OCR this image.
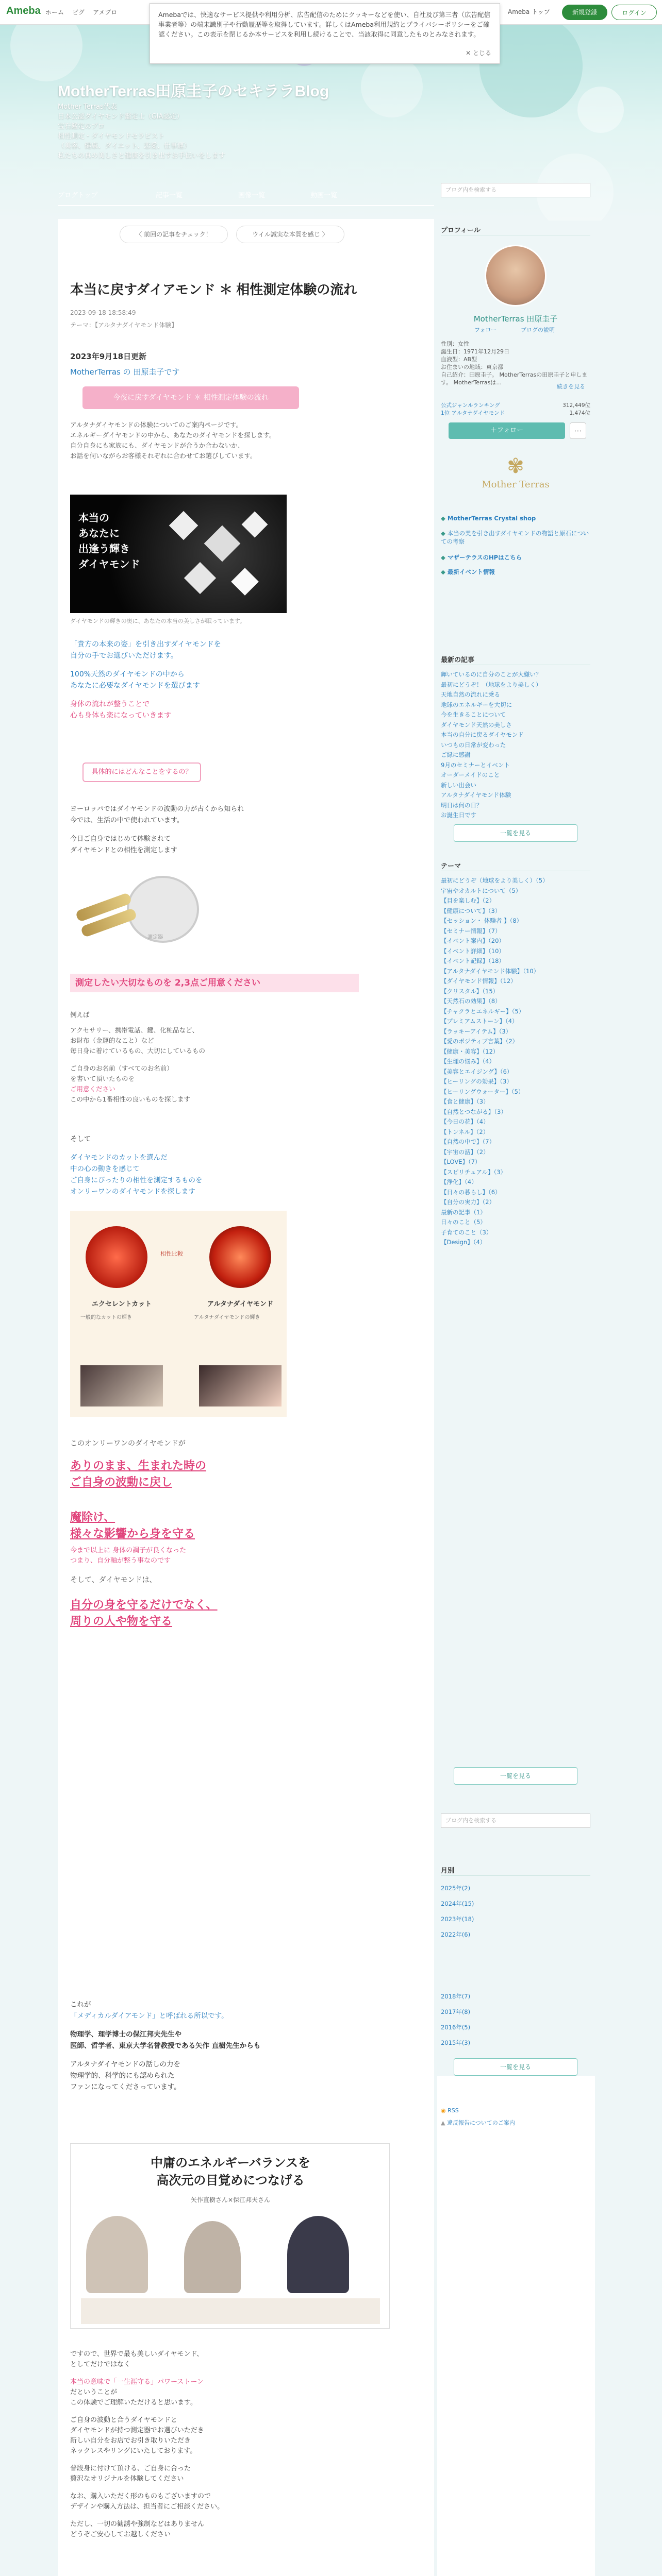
Ameba ホーム ピグ アメブロ	Ameba トップ	新規登録	ログイン
Amebaでは、快適なサービス提供や利用分析、広告配信のためにクッキーなどを使い、自社及び第三者（広告配信事業者等）の端末識別子や行動履歴等を取得しています。詳しくはAmeba利用規約とプライバシーポリシーをご確認ください。この表示を閉じるか本サービスを利用し続けることで、当該取得に同意したものとみなされます。
✕ とじる
MotherTerras田原圭子のセキララBlog
Mother Terras代表
日本公認ダイヤモンド鑑定士（GIA認定）
宝石鑑定のプロ
相性測定・ダイヤモンドセラピスト
（美容、健康、ダイエット、恋愛、仕事運）
私たちの真の美しさと健康を引き出すお手伝いをします
ブログトップ	記事一覧	画像一覧	動画一覧
〈 前回の記事をチェック！	ウイル誠実な本質を感じ 〉
本当に戻すダイアモンド ＊ 相性測定体験の流れ
2023-09-18 18:58:49
テーマ：【アルタナダイヤモンド体験】
2023年9月18日更新
MotherTerras の 田原圭子です
今夜に戻すダイヤモンド ＊ 相性測定体験の流れ
アルタナダイヤモンドの体験についてのご案内ページです。
エネルギーダイヤモンドの中から、あなたのダイヤモンドを探します。
自分自身にも家族にも、ダイヤモンドが合うか合わないか、
お話を伺いながらお客様それぞれに合わせてお選びしています。
本当の
あなたに
出逢う輝き
ダイヤモンド
ダイヤモンドの輝きの奥に、あなたの本当の美しさが眠っています。
「貴方の本来の姿」を引き出すダイヤモンドを
自分の手でお選びいただけます。
100%天然のダイヤモンドの中から
あなたに必要なダイヤモンドを選びます
身体の流れが整うことで
心も身体も楽になっていきます
具体的にはどんなことをするの？
ヨーロッパではダイヤモンドの波動の力が古くから知られ
今では、生活の中で使われています。
今日ご自身ではじめて体験されて
ダイヤモンドとの相性を測定します
測定器
測定したい大切なものを 2,3点ご用意ください
例えば
アクセサリー、携帯電話、鍵、化粧品など、
お財布（金運的なこと）など
毎日身に着けているもの、大切にしているもの
ご自身のお名前（すべてのお名前）
を書いて頂いたものを
ご用意ください
この中から1番相性の良いものを探します
そして
ダイヤモンドのカットを選んだ
中の心の動きを感じて
ご自身にぴったりの相性を測定するものを
オンリーワンのダイヤモンドを探します
相性比較
エクセレントカット	アルタナダイヤモンド
一般的なカットの輝き	アルタナダイヤモンドの輝き
このオンリーワンのダイヤモンドが
ありのまま、生まれた時の
ご自身の波動に戻し
魔除け、
様々な影響から身を守る
今まで以上に 身体の調子が良くなった
つまり、自分軸が整う事なのです
そして、ダイヤモンドは、
自分の身を守るだけでなく、
周りの人や物を守る
これが
「メディカルダイアモンド」と呼ばれる所以です。
物理学、理学博士の保江邦夫先生や
医師、哲学者、東京大学名誉教授である矢作 直樹先生からも
アルタナダイヤモンドの話しの力を
物理学的、科学的にも認められた
ファンになってくださっています。
中庸のエネルギーバランスを
高次元の目覚めにつなげる
矢作直樹さん×保江邦夫さん
ですので、世界で最も美しいダイヤモンド、
としてだけではなく
本当の意味で「一生涯守る」パワーストーン
だということが
この体験でご理解いただけると思います。
ご自身の波動と合うダイヤモンドと
ダイヤモンドが持つ測定器でお選びいただき
新しい自分をお店でお引き取りいただき
ネックレスやリングにいたしております。
普段身に付けて頂ける、ご自身に合った
贅沢なオリジナルを体験してください
なお、購入いただく形のものもございますので
デザインや購入方法は、担当者にご相談ください。
ただし、一切の勧誘や強制などはありません
どうぞご安心してお越しください
ブログ内を検索する
プロフィール
MotherTerras 田原圭子
フォロー	ブログの説明
性別：女性
誕生日：1971年12月29日
血液型：AB型
お住まいの地域：東京都
自己紹介：田原圭子。 MotherTerrasの田原圭子と申します。 MotherTerrasは...
続きを見る
公式ジャンルランキング
1位 アルタナダイヤモンド
312,449位
1,474位
＋フォロー	⋯
✾
Mother Terras
◆ MotherTerras Crystal shop
◆ 本当の美を引き出すダイヤモンドの物語と原石についての考察
◆ マザーテラスのHPはこちら
◆ 最新イベント情報
最新の記事
輝いているのに自分のことが大嫌い？
最初にどうぞ！（地球をより美しく）
天地自然の流れに乗る
地球のエネルギーを大切に
今を生きることについて
ダイヤモンド天然の美しさ
本当の自分に戻るダイヤモンド
いつもの日常が変わった
ご縁に感謝
9月のセミナーとイベント
オーダーメイドのこと
新しい出会い
アルタナダイヤモンド体験
明日は何の日？
お誕生日です
一覧を見る
テーマ
最初にどうぞ（地球をより美しく）（5）
宇宙やオカルトについて（5）
【目を楽しむ】（2）
【健康について】（3）
【セッション・ 体験者 】（8）
【セミナー情報】（7）
【イベント案内】（20）
【イベント詳細】（10）
【イベント記録】（18）
【アルタナダイヤモンド体験】（10）
【ダイヤモンド情報】（12）
【クリスタル】（15）
【天然石の効果】（8）
【チャクラとエネルギー】（5）
【プレミアムストーン】（4）
【ラッキーアイテム】（3）
【愛のポジティブ言葉】（2）
【健康・美容】（12）
【生理の悩み】（4）
【美容とエイジング】（6）
【ヒーリングの効果】（3）
【ヒーリングウォーター】（5）
【食と健康】（3）
【自然とつながる】（3）
【今日の花】（4）
【トンネル】（2）
【自然の中で】（7）
【宇宙の話】（2）
【LOVE】（7）
【スピリチュアル】（3）
【浄化】（4）
【日々の暮らし】（6）
【自分の実力】（2）
最新の記事（1）
日々のこと（5）
子育てのこと（3）
【Design】（4）
一覧を見る
ブログ内を検索する
月別
2025年(2)
2024年(15)
2023年(18)
2022年(6)
2018年(7)
2017年(8)
2016年(5)
2015年(3)
一覧を見る
◉ RSS
▲ 違反報告についてのご案内
